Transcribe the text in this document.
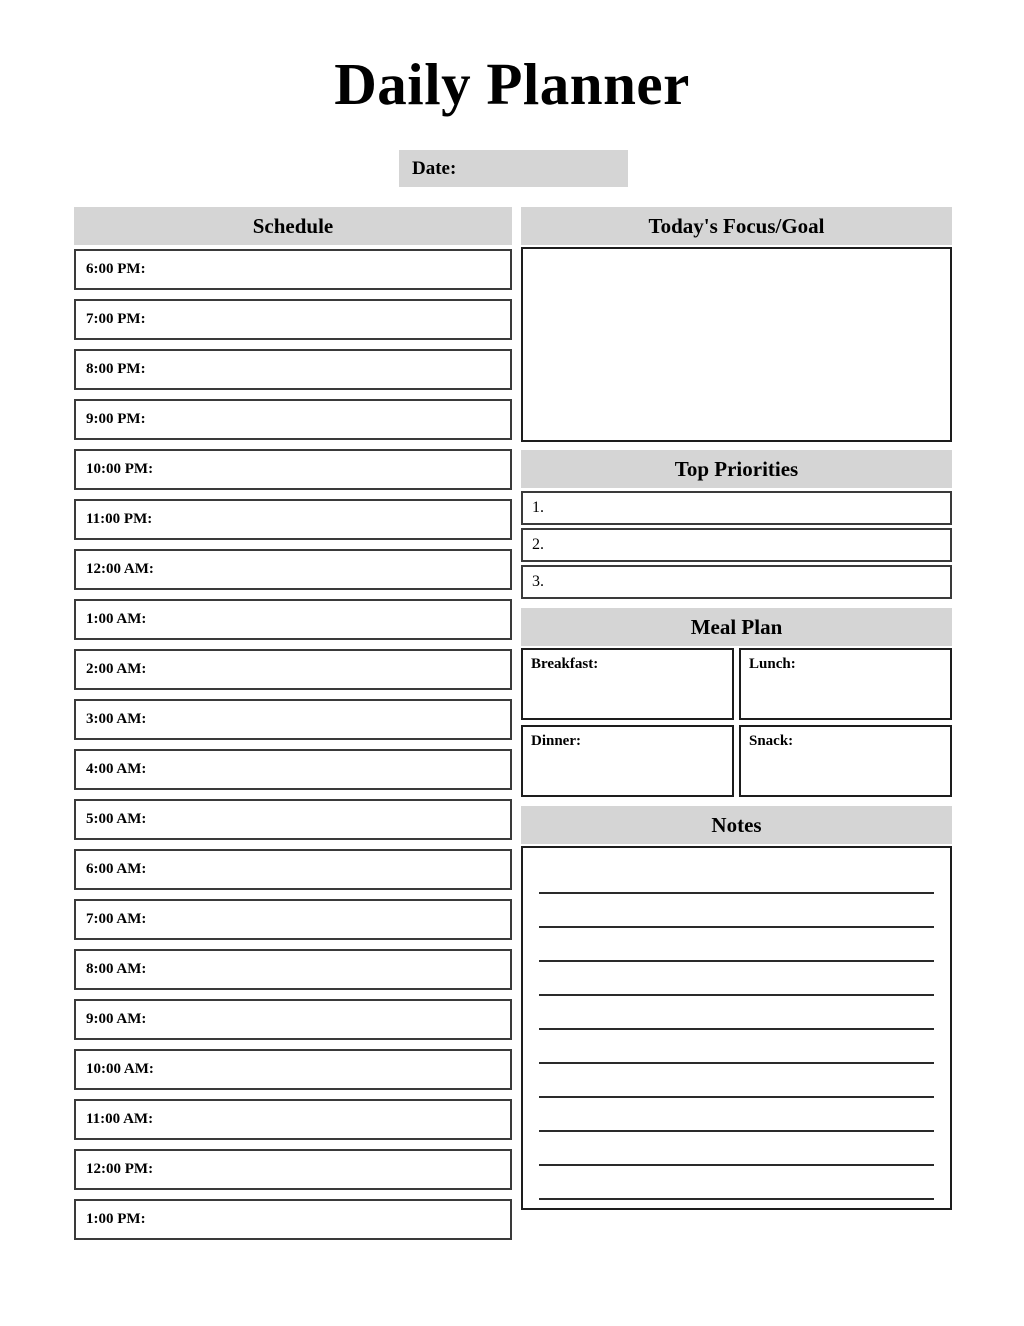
Daily Planner
Date:
Schedule
6:00 PM:
7:00 PM:
8:00 PM:
9:00 PM:
10:00 PM:
11:00 PM:
12:00 AM:
1:00 AM:
2:00 AM:
3:00 AM:
4:00 AM:
5:00 AM:
6:00 AM:
7:00 AM:
8:00 AM:
9:00 AM:
10:00 AM:
11:00 AM:
12:00 PM:
1:00 PM:
Today's Focus/Goal
Top Priorities
1.
2.
3.
Meal Plan
Breakfast:	Lunch:
Dinner:	Snack:
Notes
